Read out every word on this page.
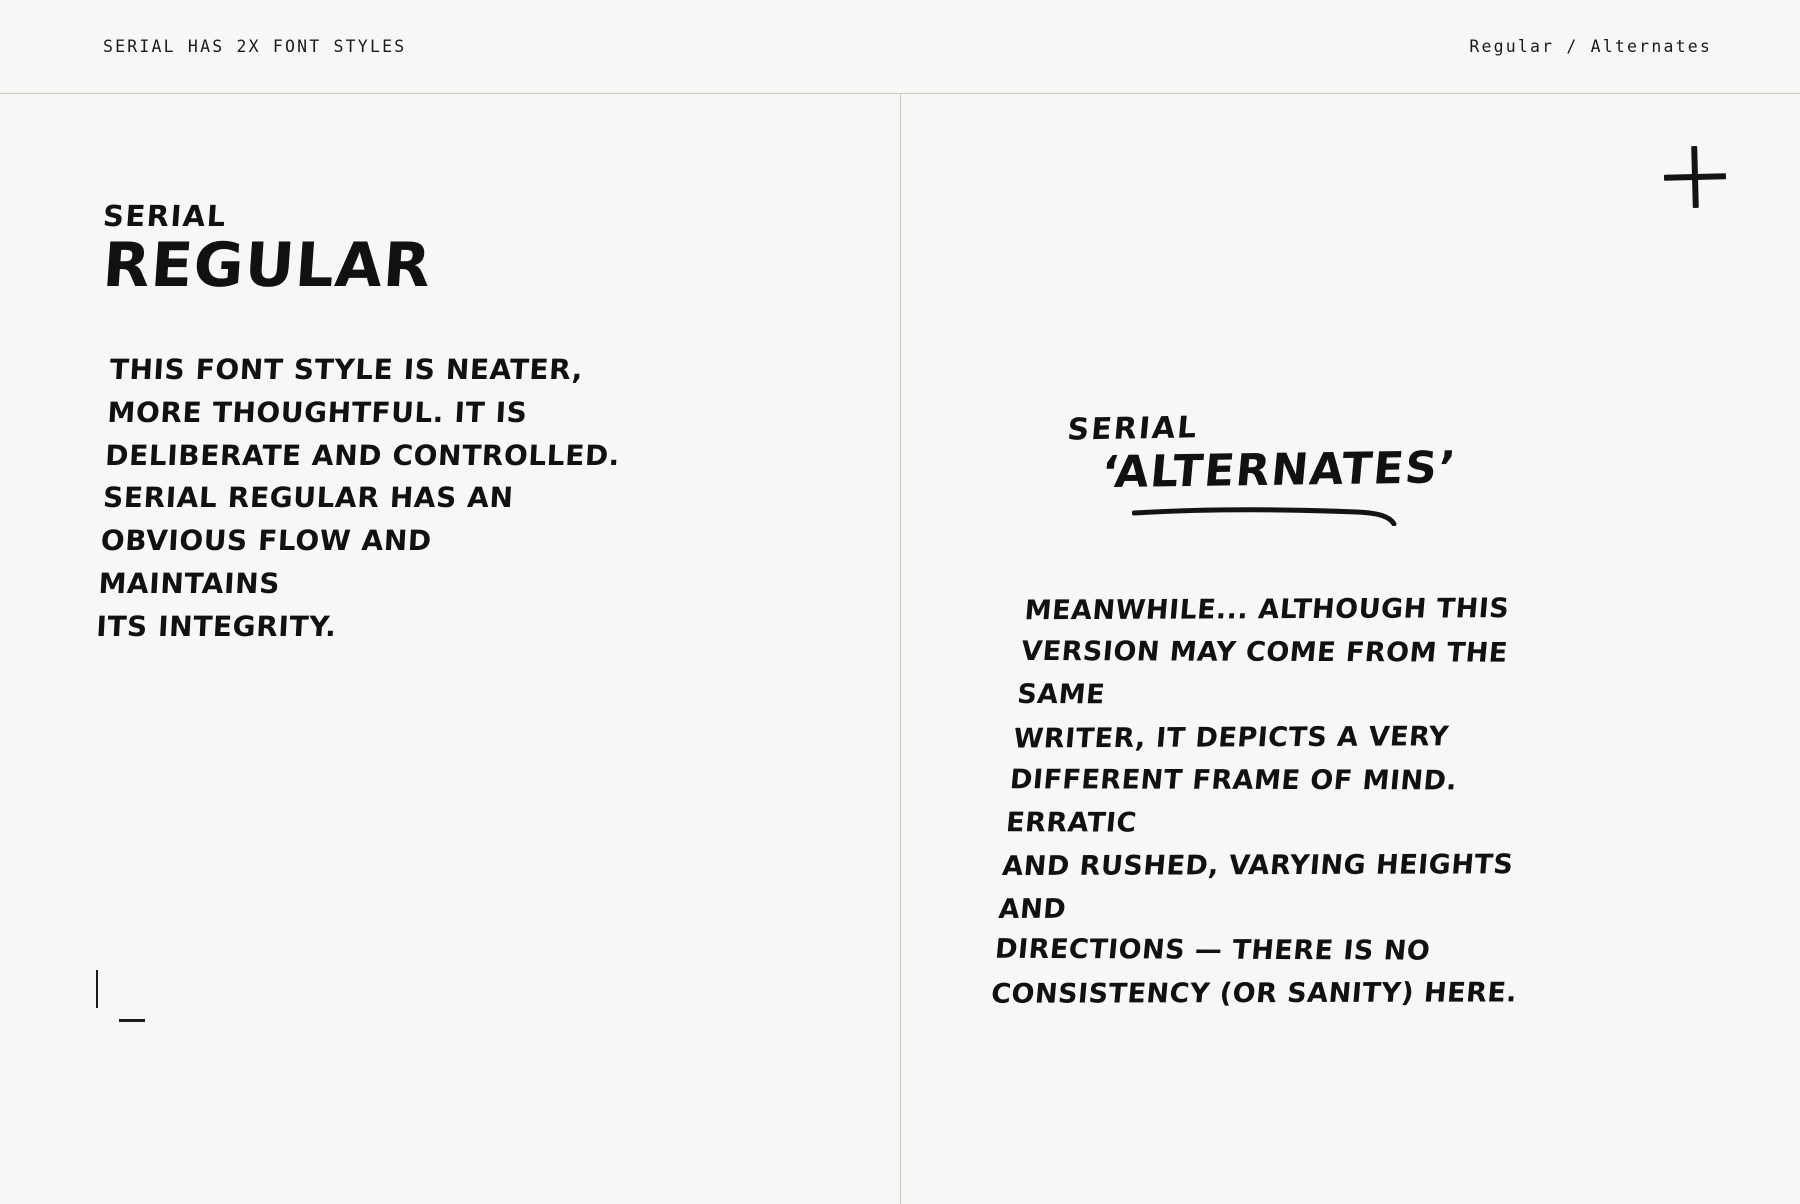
SERIAL HAS 2X FONT STYLES	Regular / Alternates
SERIAL
REGULAR
THIS FONT STYLE IS NEATER,
MORE THOUGHTFUL. IT IS
DELIBERATE AND CONTROLLED.
SERIAL REGULAR HAS AN
OBVIOUS FLOW AND MAINTAINS
ITS INTEGRITY.
SERIAL
‘ALTERNATES’
MEANWHILE... ALTHOUGH THIS
VERSION MAY COME FROM THE SAME
WRITER, IT DEPICTS A VERY
DIFFERENT FRAME OF MIND. ERRATIC
AND RUSHED, VARYING HEIGHTS AND
DIRECTIONS — THERE IS NO
CONSISTENCY (OR SANITY) HERE.
